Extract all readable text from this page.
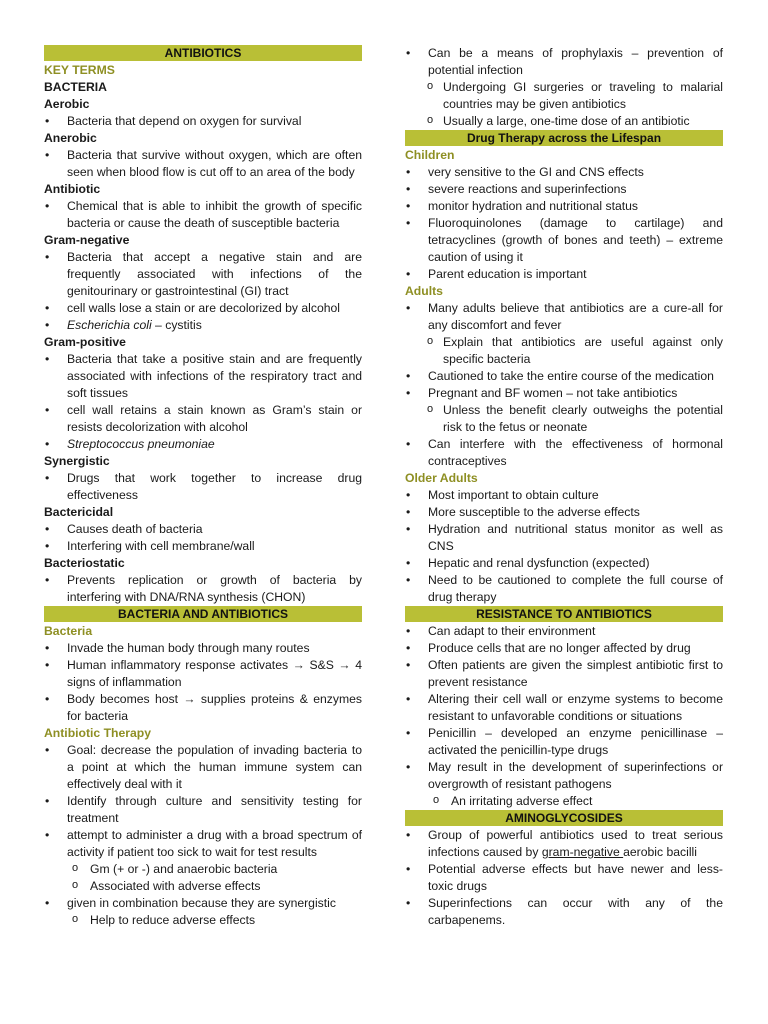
ANTIBIOTICS
KEY TERMS
BACTERIA
Aerobic
• Bacteria that depend on oxygen for survival
Anerobic
• Bacteria that survive without oxygen, which are often seen when blood flow is cut off to an area of the body
Antibiotic
• Chemical that is able to inhibit the growth of specific bacteria or cause the death of susceptible bacteria
Gram-negative
• Bacteria that accept a negative stain and are frequently associated with infections of the genitourinary or gastrointestinal (GI) tract
• cell walls lose a stain or are decolorized by alcohol
• Escherichia coli – cystitis
Gram-positive
• Bacteria that take a positive stain and are frequently associated with infections of the respiratory tract and soft tissues
• cell wall retains a stain known as Gram’s stain or resists decolorization with alcohol
• Streptococcus pneumoniae
Synergistic
• Drugs that work together to increase drug effectiveness
Bactericidal
• Causes death of bacteria
• Interfering with cell membrane/wall
Bacteriostatic
• Prevents replication or growth of bacteria by interfering with DNA/RNA synthesis (CHON)
BACTERIA AND ANTIBIOTICS
Bacteria
• Invade the human body through many routes
• Human inflammatory response activates → S&S → 4 signs of inflammation
• Body becomes host → supplies proteins & enzymes for bacteria
Antibiotic Therapy
• Goal: decrease the population of invading bacteria to a point at which the human immune system can effectively deal with it
• Identify through culture and sensitivity testing for treatment
• attempt to administer a drug with a broad spectrum of activity if patient too sick to wait for test results
o Gm (+ or -) and anaerobic bacteria
o Associated with adverse effects
• given in combination because they are synergistic
o Help to reduce adverse effects
• Can be a means of prophylaxis – prevention of potential infection
o Undergoing GI surgeries or traveling to malarial countries may be given antibiotics
o Usually a large, one-time dose of an antibiotic
Drug Therapy across the Lifespan
Children
• very sensitive to the GI and CNS effects
• severe reactions and superinfections
• monitor hydration and nutritional status
• Fluoroquinolones (damage to cartilage) and tetracyclines (growth of bones and teeth) – extreme caution of using it
• Parent education is important
Adults
• Many adults believe that antibiotics are a cure-all for any discomfort and fever
o Explain that antibiotics are useful against only specific bacteria
• Cautioned to take the entire course of the medication
• Pregnant and BF women – not take antibiotics
o Unless the benefit clearly outweighs the potential risk to the fetus or neonate
• Can interfere with the effectiveness of hormonal contraceptives
Older Adults
• Most important to obtain culture
• More susceptible to the adverse effects
• Hydration and nutritional status monitor as well as CNS
• Hepatic and renal dysfunction (expected)
• Need to be cautioned to complete the full course of drug therapy
RESISTANCE TO ANTIBIOTICS
• Can adapt to their environment
• Produce cells that are no longer affected by drug
• Often patients are given the simplest antibiotic first to prevent resistance
• Altering their cell wall or enzyme systems to become resistant to unfavorable conditions or situations
• Penicillin – developed an enzyme penicillinase – activated the penicillin-type drugs
• May result in the development of superinfections or overgrowth of resistant pathogens
o An irritating adverse effect
AMINOGLYCOSIDES
• Group of powerful antibiotics used to treat serious infections caused by gram-negative aerobic bacilli
• Potential adverse effects but have newer and less-toxic drugs
• Superinfections can occur with any of the carbapenems.
